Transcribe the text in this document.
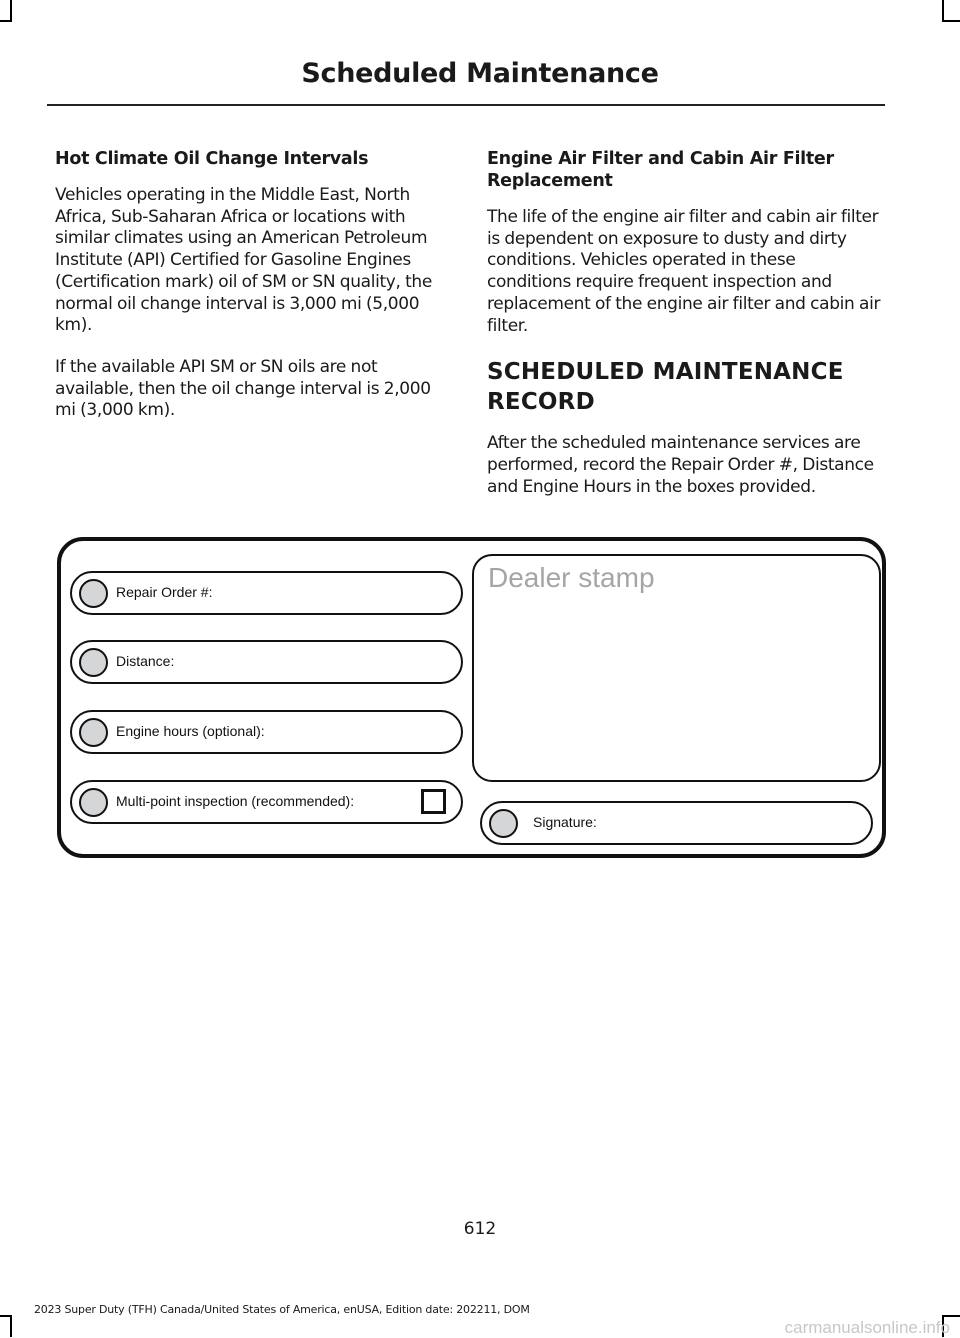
Scheduled Maintenance
Hot Climate Oil Change Intervals

Vehicles operating in the Middle East, North Africa, Sub-Saharan Africa or locations with similar climates using an American Petroleum Institute (API) Certified for Gasoline Engines (Certification mark) oil of SM or SN quality, the normal oil change interval is 3,000 mi (5,000 km).

If the available API SM or SN oils are not available, then the oil change interval is 2,000 mi (3,000 km).

Engine Air Filter and Cabin Air Filter Replacement

The life of the engine air filter and cabin air filter is dependent on exposure to dusty and dirty conditions. Vehicles operated in these conditions require frequent inspection and replacement of the engine air filter and cabin air filter.

SCHEDULED MAINTENANCE
RECORD

After the scheduled maintenance services are performed, record the Repair Order #, Distance and Engine Hours in the boxes provided.

Repair Order #:
Distance:
Engine hours (optional):
Multi-point inspection (recommended):
Dealer stamp
Signature:
612
2023 Super Duty (TFH) Canada/United States of America, enUSA, Edition date: 202211, DOM
carmanualsonline.info
